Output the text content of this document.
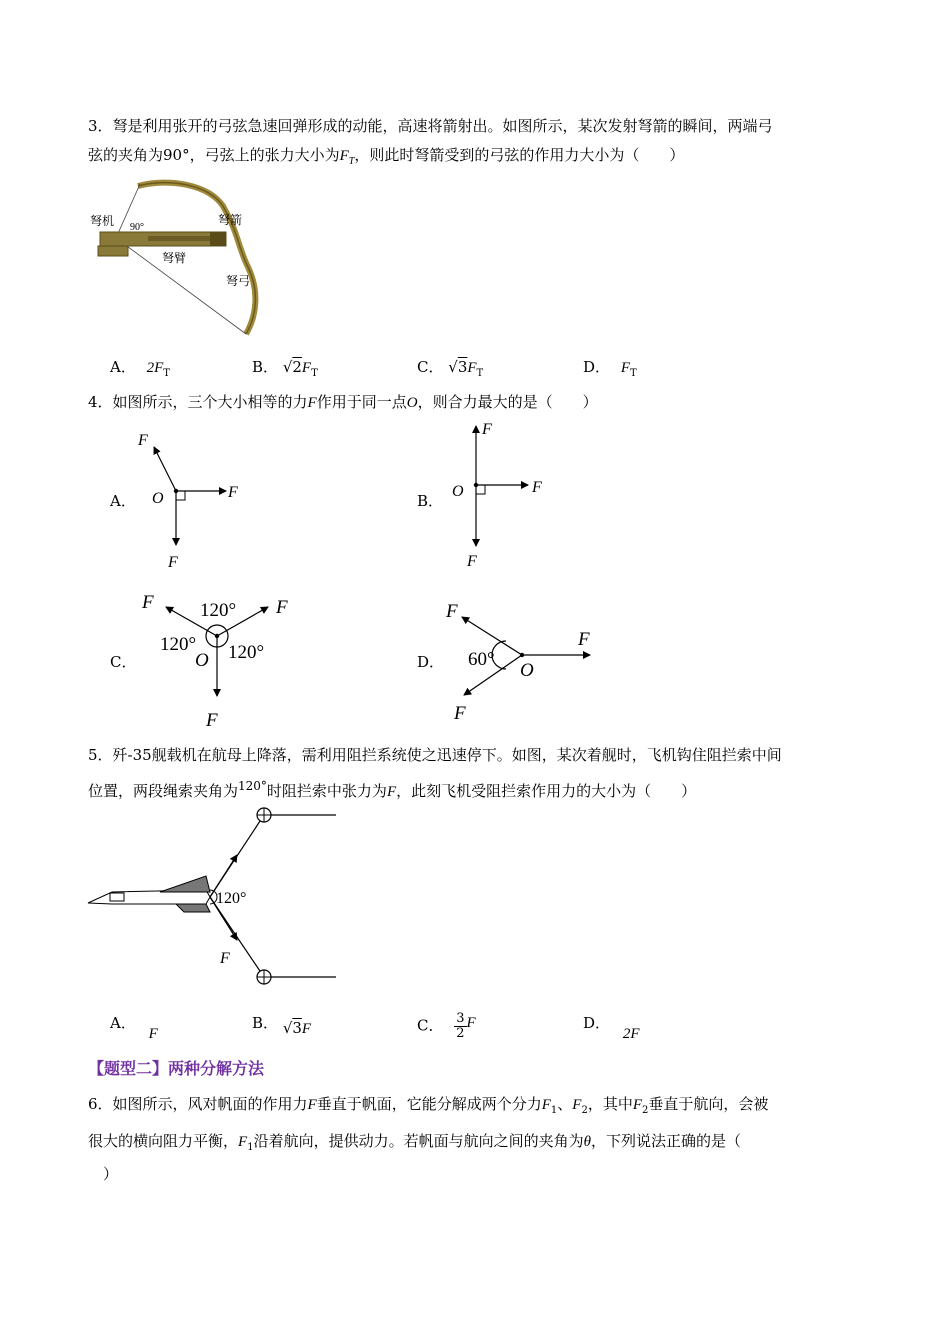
3．弩是利用张开的弓弦急速回弹形成的动能，高速将箭射出。如图所示，某次发射弩箭的瞬间，两端弓
弦的夹角为90°，弓弦上的张力大小为$F_T$，则此时弩箭受到的弓弦的作用力大小为（　　）
弩机 90°
弩箭
弩臂
弩弓
A． $2F_T$	B． $√2F_T$	C． $√3F_T$	D． $F_T$
4．如图所示，三个大小相等的力F作用于同一点O，则合力最大的是（　　）
A．
F
F
F
O	B．
F
F
F
O
C．
F	F
F
120°
120° 120°
O	D．
F
F
F
60°
O
5．歼-35舰载机在航母上降落，需利用阻拦系统使之迅速停下。如图，某次着舰时，飞机钩住阻拦索中间
位置，两段绳索夹角为$^{120^\circ}$时阻拦索中张力为F，此刻飞机受阻拦索作用力的大小为（　　）
120°
F
A． F
B． √3F	C． $\frac{3}{2}$ F	D． 2F
【题型二】两种分解方法
6．如图所示，风对帆面的作用力F垂直于帆面，它能分解成两个分力$F_1$、$F_2$，其中$F_2$垂直于航向，会被
很大的横向阻力平衡，$F_1$沿着航向，提供动力。若帆面与航向之间的夹角为θ，下列说法正确的是（
　）
